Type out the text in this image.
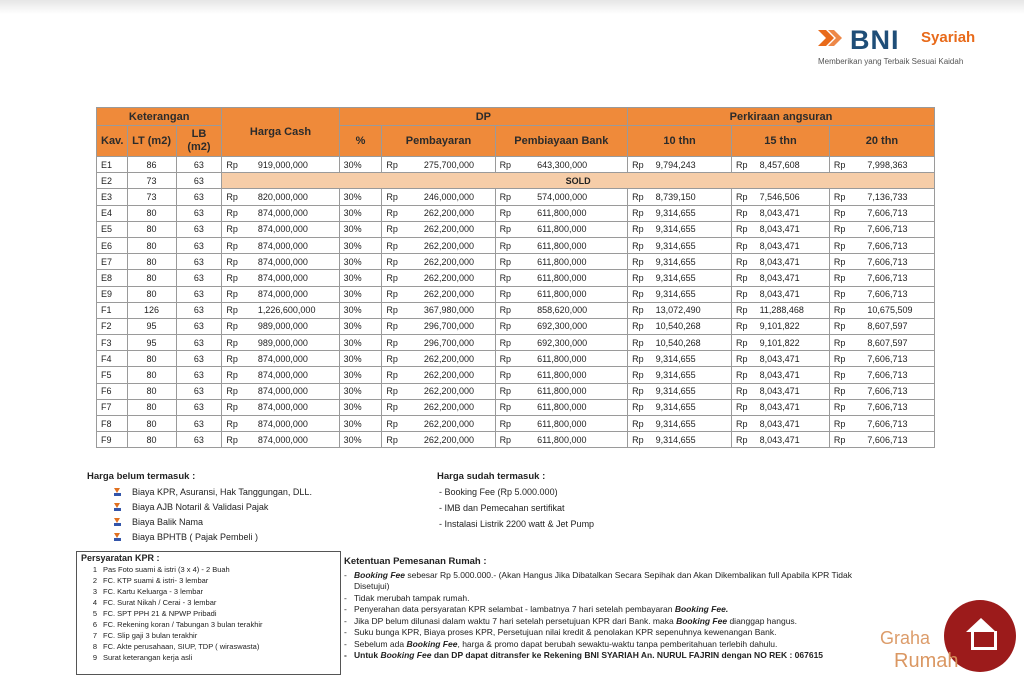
BNI Syariah
Memberikan yang Terbaik Sesuai Kaidah
Keterangan			Harga Cash	DP			Perkiraan angsuran		
Kav.	LT (m2)	LB (m2)		%	Pembayaran	Pembiayaan Bank	10 thn	15 thn	20 thn
E1	86	63	Rp 919,000,000	30%	Rp 275,700,000	Rp 643,300,000	Rp 9,794,243	Rp 8,457,608	Rp 7,998,363
E2	73	63	SOLD						
E3	73	63	Rp 820,000,000	30%	Rp 246,000,000	Rp 574,000,000	Rp 8,739,150	Rp 7,546,506	Rp 7,136,733
E4	80	63	Rp 874,000,000	30%	Rp 262,200,000	Rp 611,800,000	Rp 9,314,655	Rp 8,043,471	Rp 7,606,713
E5	80	63	Rp 874,000,000	30%	Rp 262,200,000	Rp 611,800,000	Rp 9,314,655	Rp 8,043,471	Rp 7,606,713
E6	80	63	Rp 874,000,000	30%	Rp 262,200,000	Rp 611,800,000	Rp 9,314,655	Rp 8,043,471	Rp 7,606,713
E7	80	63	Rp 874,000,000	30%	Rp 262,200,000	Rp 611,800,000	Rp 9,314,655	Rp 8,043,471	Rp 7,606,713
E8	80	63	Rp 874,000,000	30%	Rp 262,200,000	Rp 611,800,000	Rp 9,314,655	Rp 8,043,471	Rp 7,606,713
E9	80	63	Rp 874,000,000	30%	Rp 262,200,000	Rp 611,800,000	Rp 9,314,655	Rp 8,043,471	Rp 7,606,713
F1	126	63	Rp 1,226,600,000	30%	Rp 367,980,000	Rp 858,620,000	Rp 13,072,490	Rp 11,288,468	Rp 10,675,509
F2	95	63	Rp 989,000,000	30%	Rp 296,700,000	Rp 692,300,000	Rp 10,540,268	Rp 9,101,822	Rp 8,607,597
F3	95	63	Rp 989,000,000	30%	Rp 296,700,000	Rp 692,300,000	Rp 10,540,268	Rp 9,101,822	Rp 8,607,597
F4	80	63	Rp 874,000,000	30%	Rp 262,200,000	Rp 611,800,000	Rp 9,314,655	Rp 8,043,471	Rp 7,606,713
F5	80	63	Rp 874,000,000	30%	Rp 262,200,000	Rp 611,800,000	Rp 9,314,655	Rp 8,043,471	Rp 7,606,713
F6	80	63	Rp 874,000,000	30%	Rp 262,200,000	Rp 611,800,000	Rp 9,314,655	Rp 8,043,471	Rp 7,606,713
F7	80	63	Rp 874,000,000	30%	Rp 262,200,000	Rp 611,800,000	Rp 9,314,655	Rp 8,043,471	Rp 7,606,713
F8	80	63	Rp 874,000,000	30%	Rp 262,200,000	Rp 611,800,000	Rp 9,314,655	Rp 8,043,471	Rp 7,606,713
F9	80	63	Rp 874,000,000	30%	Rp 262,200,000	Rp 611,800,000	Rp 9,314,655	Rp 8,043,471	Rp 7,606,713
Harga belum termasuk :
Biaya KPR, Asuransi, Hak Tanggungan, DLL.
Biaya AJB Notaril & Validasi Pajak
Biaya Balik Nama
Biaya BPHTB ( Pajak Pembeli )
Harga sudah termasuk :
- Booking Fee (Rp 5.000.000)
- IMB dan Pemecahan sertifikat
- Instalasi Listrik 2200 watt & Jet Pump
Persyaratan KPR :
1 Pas Foto suami & istri (3 x 4) - 2 Buah
2 FC. KTP suami & istri- 3 lembar
3 FC. Kartu Keluarga - 3 lembar
4 FC. Surat Nikah / Cerai - 3 lembar
5 FC. SPT PPH 21 & NPWP Pribadi
6 FC. Rekening koran / Tabungan 3 bulan terakhir
7 FC. Slip gaji 3 bulan terakhir
8 FC. Akte perusahaan, SIUP, TDP ( wiraswasta)
9 Surat keterangan kerja asli
Ketentuan Pemesanan Rumah :
- Booking Fee sebesar Rp 5.000.000.- (Akan Hangus Jika Dibatalkan Secara Sepihak dan Akan Dikembalikan full Apabila KPR Tidak
Disetujui)
- Tidak merubah tampak rumah.
- Penyerahan data persyaratan KPR selambat - lambatnya 7 hari setelah pembayaran Booking Fee.
- Jika DP belum dilunasi dalam waktu 7 hari setelah persetujuan KPR dari Bank. maka Booking Fee dianggap hangus.
- Suku bunga KPR, Biaya proses KPR, Persetujuan nilai kredit & penolakan KPR sepenuhnya kewenangan Bank.
- Sebelum ada Booking Fee, harga & promo dapat berubah sewaktu-waktu tanpa pemberitahuan terlebih dahulu.
- Untuk Booking Fee dan DP dapat ditransfer ke Rekening BNI SYARIAH An. NURUL FAJRIN dengan NO REK : 067615
Graha
Rumah
